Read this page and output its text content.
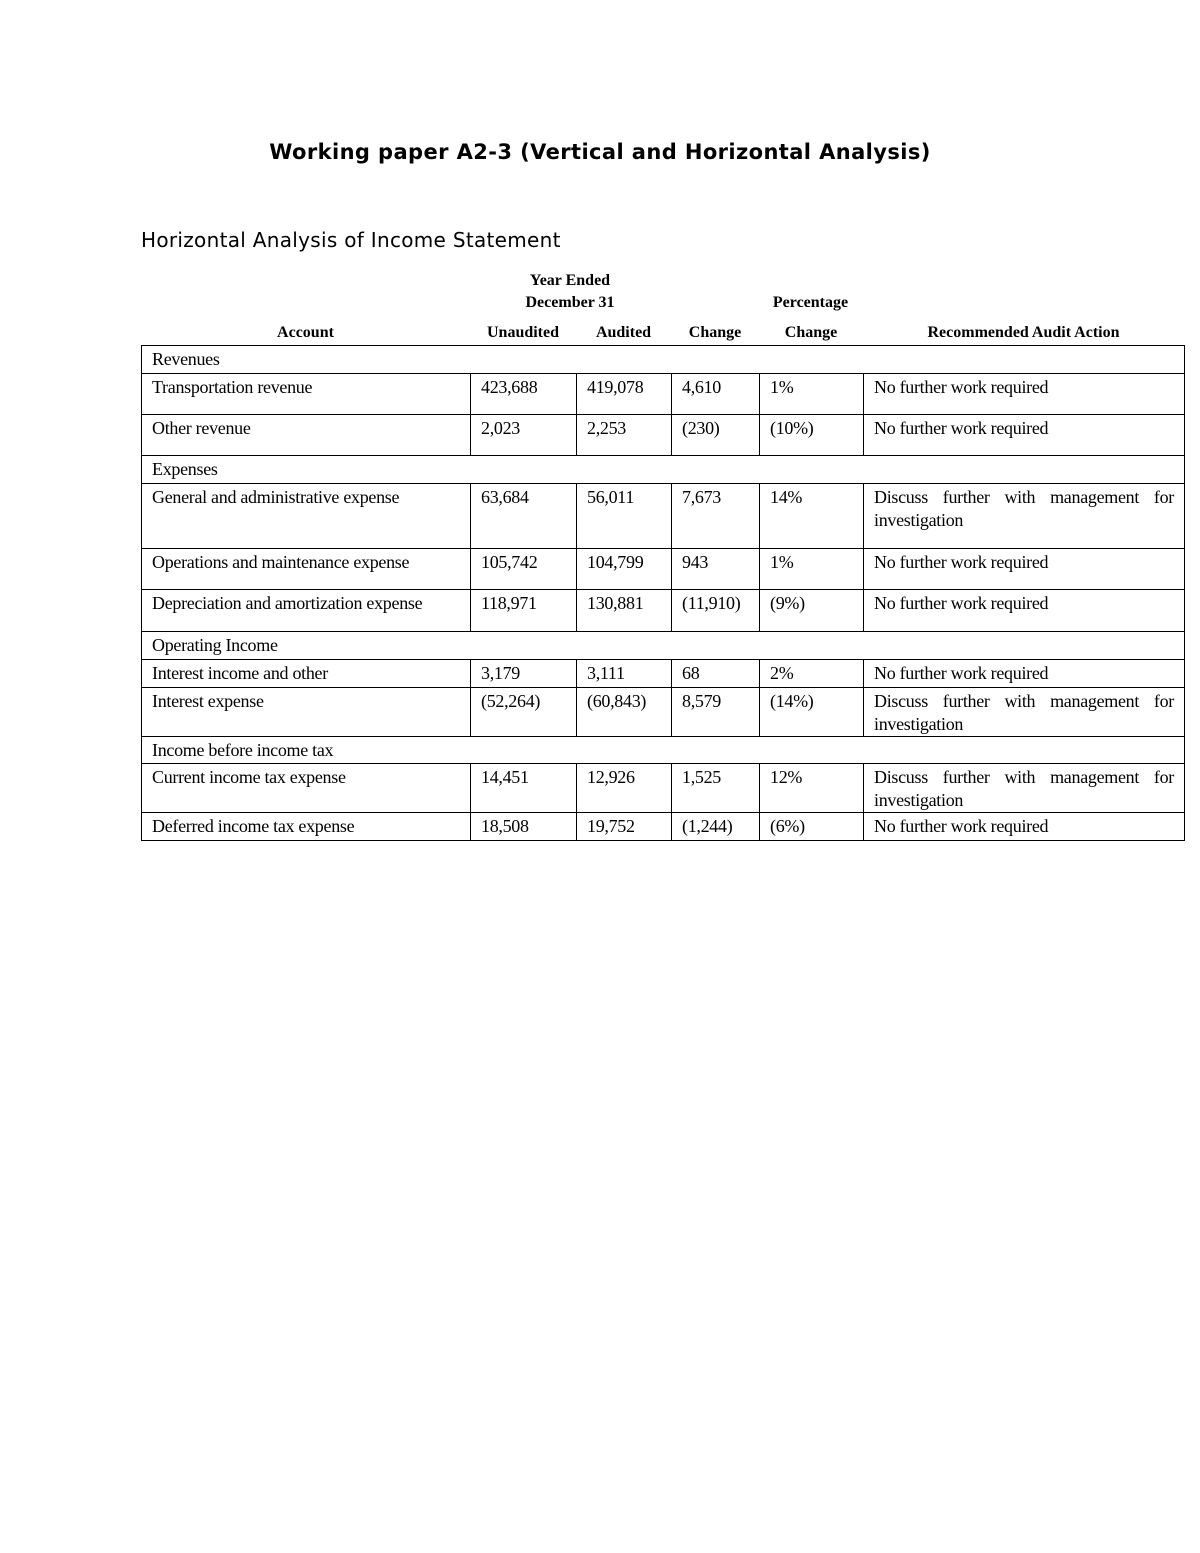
Working paper A2-3 (Vertical and Horizontal Analysis)
Horizontal Analysis of Income Statement
Year Ended
December 31	Percentage
Account	Unaudited	Audited	Change	Change	Recommended Audit Action
Revenues					
Transportation revenue	423,688	419,078	4,610	1%	No further work required
Other revenue	2,023	2,253	(230)	(10%)	No further work required
Expenses					
General and administrative expense	63,684	56,011	7,673	14%	Discuss further with management for investigation
Operations and maintenance expense	105,742	104,799	943	1%	No further work required
Depreciation and amortization expense	118,971	130,881	(11,910)	(9%)	No further work required
Operating Income					
Interest income and other	3,179	3,111	68	2%	No further work required
Interest expense	(52,264)	(60,843)	8,579	(14%)	Discuss further with management for investigation
Income before income tax					
Current income tax expense	14,451	12,926	1,525	12%	Discuss further with management for investigation
Deferred income tax expense	18,508	19,752	(1,244)	(6%)	No further work required
